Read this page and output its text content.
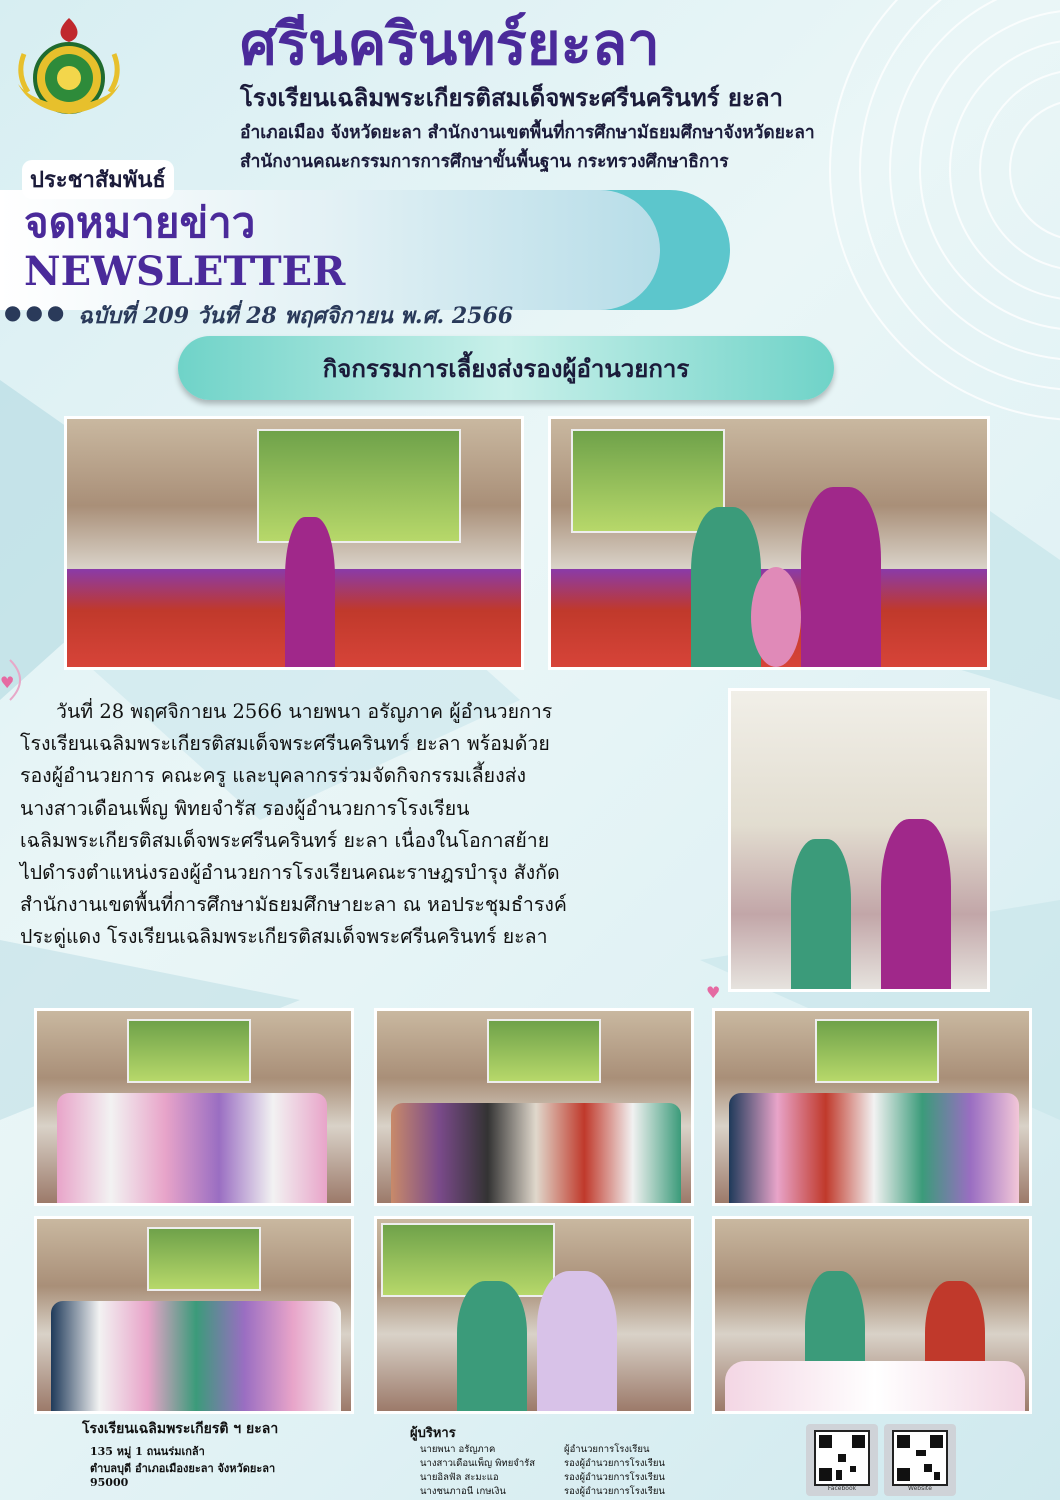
♥
♥
ศรีนครินทร์ยะลา
โรงเรียนเฉลิมพระเกียรติสมเด็จพระศรีนครินทร์ ยะลา
อำเภอเมือง จังหวัดยะลา สำนักงานเขตพื้นที่การศึกษามัธยมศึกษาจังหวัดยะลา
สำนักงานคณะกรรมการการศึกษาขั้นพื้นฐาน กระทรวงศึกษาธิการ
ประชาสัมพันธ์
จดหมายข่าว
NEWSLETTER
●●● ฉบับที่ 209 วันที่ 28 พฤศจิกายน พ.ศ. 2566
กิจกรรมการเลี้ยงส่งรองผู้อำนวยการ

วันที่ 28 พฤศจิกายน 2566 นายพนา อรัญภาค ผู้อำนวยการ

โรงเรียนเฉลิมพระเกียรติสมเด็จพระศรีนครินทร์ ยะลา พร้อมด้วย

รองผู้อำนวยการ คณะครู และบุคลากรร่วมจัดกิจกรรมเลี้ยงส่ง

นางสาวเดือนเพ็ญ พิทยจำรัส รองผู้อำนวยการโรงเรียน

เฉลิมพระเกียรติสมเด็จพระศรีนครินทร์ ยะลา เนื่องในโอกาสย้าย

ไปดำรงตำแหน่งรองผู้อำนวยการโรงเรียนคณะราษฎรบำรุง สังกัด

สำนักงานเขตพื้นที่การศึกษามัธยมศึกษายะลา ณ หอประชุมธำรงค์

ประดู่แดง โรงเรียนเฉลิมพระเกียรติสมเด็จพระศรีนครินทร์ ยะลา

โรงเรียนเฉลิมพระเกียรติ ฯ ยะลา
135 หมู่ 1 ถนนร่มเกล้า
ตำบลบุดี อำเภอเมืองยะลา จังหวัดยะลา
95000
ผู้บริหาร
นายพนา อรัญภาค	ผู้อำนวยการโรงเรียน
นางสาวเดือนเพ็ญ พิทยจำรัส	รองผู้อำนวยการโรงเรียน
นายอิลฟัล สะมะแอ	รองผู้อำนวยการโรงเรียน
นางชนภาอนี เกษเงิน	รองผู้อำนวยการโรงเรียน	Facebook	Website
